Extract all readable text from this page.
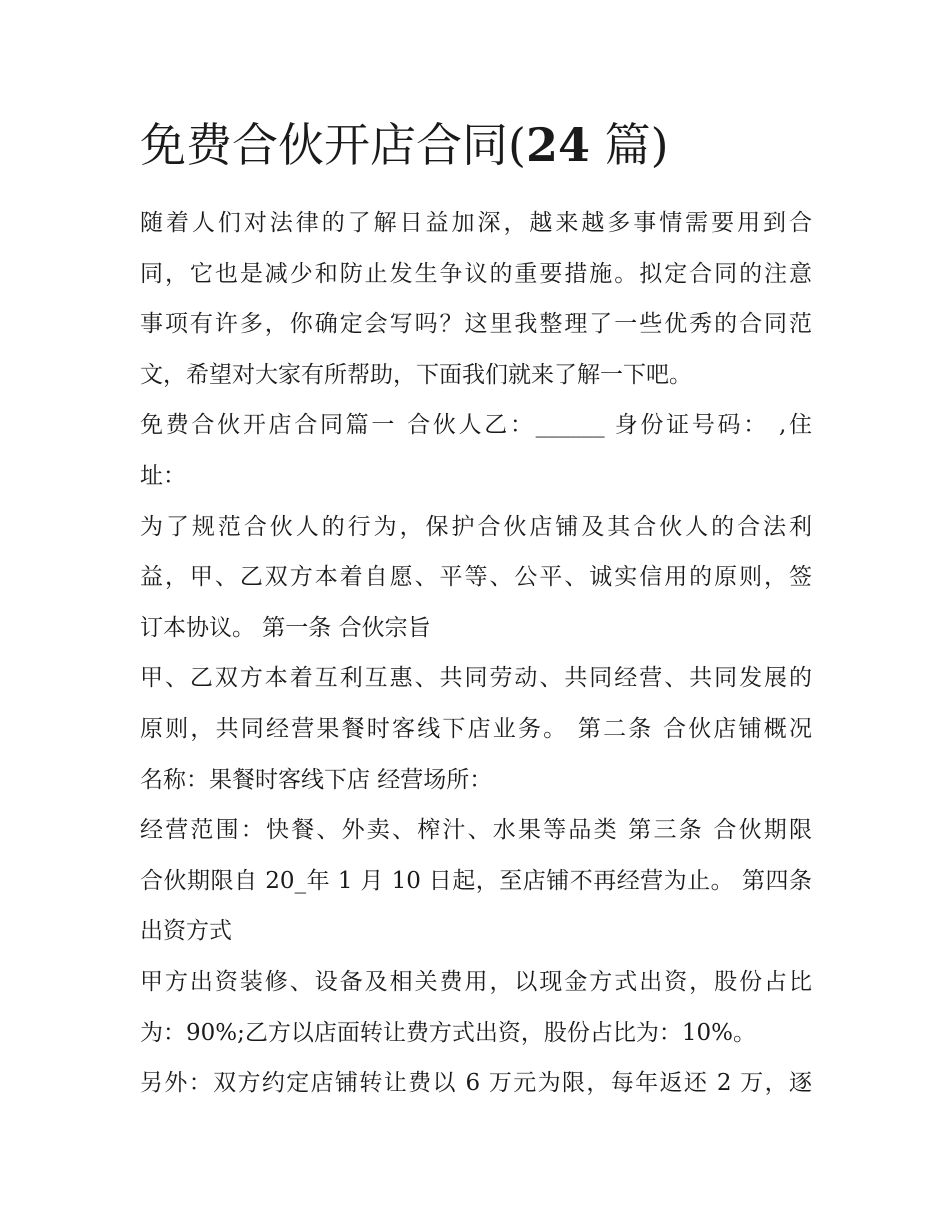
免费合伙开店合同(24 篇)
随着人们对法律的了解日益加深，越来越多事情需要用到合
同，它也是减少和防止发生争议的重要措施。拟定合同的注意
事项有许多，你确定会写吗？这里我整理了一些优秀的合同范
文，希望对大家有所帮助，下面我们就来了解一下吧。
免费合伙开店合同篇一 合伙人乙：______ 身份证号码： ,住
址：
为了规范合伙人的行为，保护合伙店铺及其合伙人的合法利
益，甲、乙双方本着自愿、平等、公平、诚实信用的原则，签
订本协议。 第一条 合伙宗旨
甲、乙双方本着互利互惠、共同劳动、共同经营、共同发展的
原则，共同经营果餐时客线下店业务。 第二条 合伙店铺概况
名称：果餐时客线下店 经营场所：
经营范围：快餐、外卖、榨汁、水果等品类 第三条 合伙期限
合伙期限自 20_年 1 月 10 日起，至店铺不再经营为止。 第四条
出资方式
甲方出资装修、设备及相关费用，以现金方式出资，股份占比
为：90%;乙方以店面转让费方式出资，股份占比为：10%。
另外：双方约定店铺转让费以 6 万元为限，每年返还 2 万，逐
